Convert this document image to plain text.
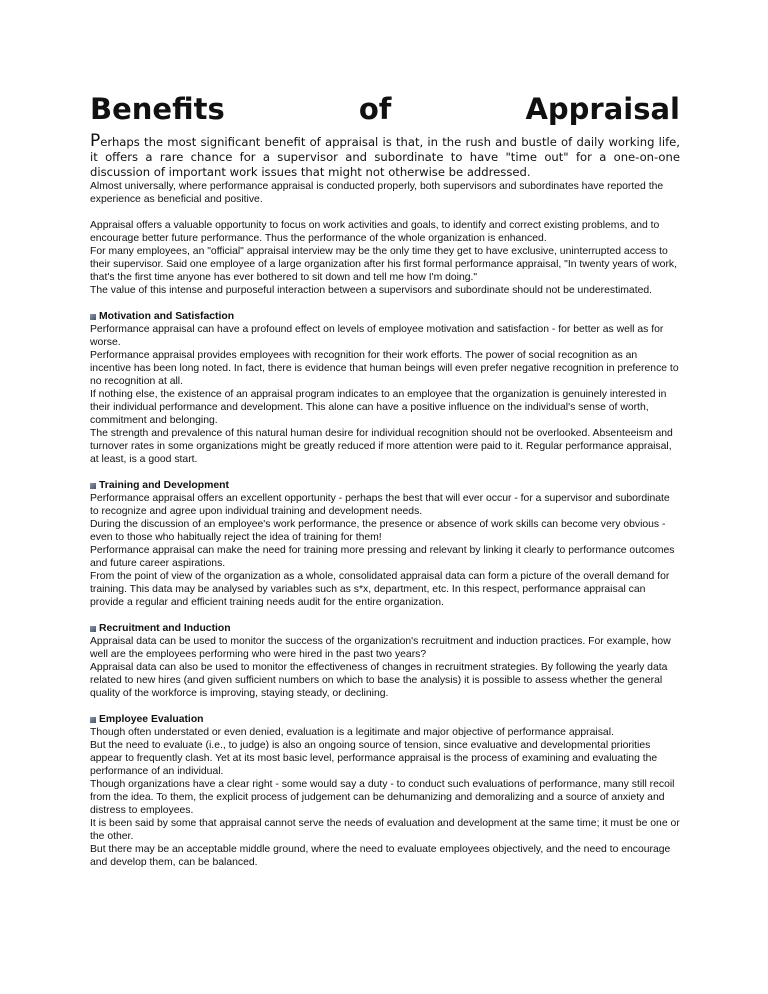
Benefits	of	Appraisal

Perhaps the most significant benefit of appraisal is that, in the rush and bustle of daily working life, it offers a rare chance for a supervisor and subordinate to have "time out" for a one-on-one discussion of important work issues that might not otherwise be addressed.

Almost universally, where performance appraisal is conducted properly, both supervisors and subordinates have reported the experience as beneficial and positive.

Appraisal offers a valuable opportunity to focus on work activities and goals, to identify and correct existing problems, and to encourage better future performance. Thus the performance of the whole organization is enhanced.

For many employees, an "official" appraisal interview may be the only time they get to have exclusive, uninterrupted access to their supervisor. Said one employee of a large organization after his first formal performance appraisal, "In twenty years of work, that's the first time anyone has ever bothered to sit down and tell me how I'm doing."

The value of this intense and purposeful interaction between a supervisors and subordinate should not be underestimated.

Motivation and Satisfaction

Performance appraisal can have a profound effect on levels of employee motivation and satisfaction - for better as well as for worse.

Performance appraisal provides employees with recognition for their work efforts. The power of social recognition as an incentive has been long noted. In fact, there is evidence that human beings will even prefer negative recognition in preference to no recognition at all.

If nothing else, the existence of an appraisal program indicates to an employee that the organization is genuinely interested in their individual performance and development. This alone can have a positive influence on the individual's sense of worth, commitment and belonging.

The strength and prevalence of this natural human desire for individual recognition should not be overlooked. Absenteeism and turnover rates in some organizations might be greatly reduced if more attention were paid to it. Regular performance appraisal, at least, is a good start.

Training and Development

Performance appraisal offers an excellent opportunity - perhaps the best that will ever occur - for a supervisor and subordinate to recognize and agree upon individual training and development needs.

During the discussion of an employee's work performance, the presence or absence of work skills can become very obvious - even to those who habitually reject the idea of training for them!

Performance appraisal can make the need for training more pressing and relevant by linking it clearly to performance outcomes and future career aspirations.

From the point of view of the organization as a whole, consolidated appraisal data can form a picture of the overall demand for training. This data may be analysed by variables such as s*x, department, etc. In this respect, performance appraisal can provide a regular and efficient training needs audit for the entire organization.

Recruitment and Induction

Appraisal data can be used to monitor the success of the organization's recruitment and induction practices. For example, how well are the employees performing who were hired in the past two years?

Appraisal data can also be used to monitor the effectiveness of changes in recruitment strategies. By following the yearly data related to new hires (and given sufficient numbers on which to base the analysis) it is possible to assess whether the general quality of the workforce is improving, staying steady, or declining.

Employee Evaluation

Though often understated or even denied, evaluation is a legitimate and major objective of performance appraisal.

But the need to evaluate (i.e., to judge) is also an ongoing source of tension, since evaluative and developmental priorities appear to frequently clash. Yet at its most basic level, performance appraisal is the process of examining and evaluating the performance of an individual.

Though organizations have a clear right - some would say a duty - to conduct such evaluations of performance, many still recoil from the idea. To them, the explicit process of judgement can be dehumanizing and demoralizing and a source of anxiety and distress to employees.

It is been said by some that appraisal cannot serve the needs of evaluation and development at the same time; it must be one or the other.

But there may be an acceptable middle ground, where the need to evaluate employees objectively, and the need to encourage and develop them, can be balanced.
